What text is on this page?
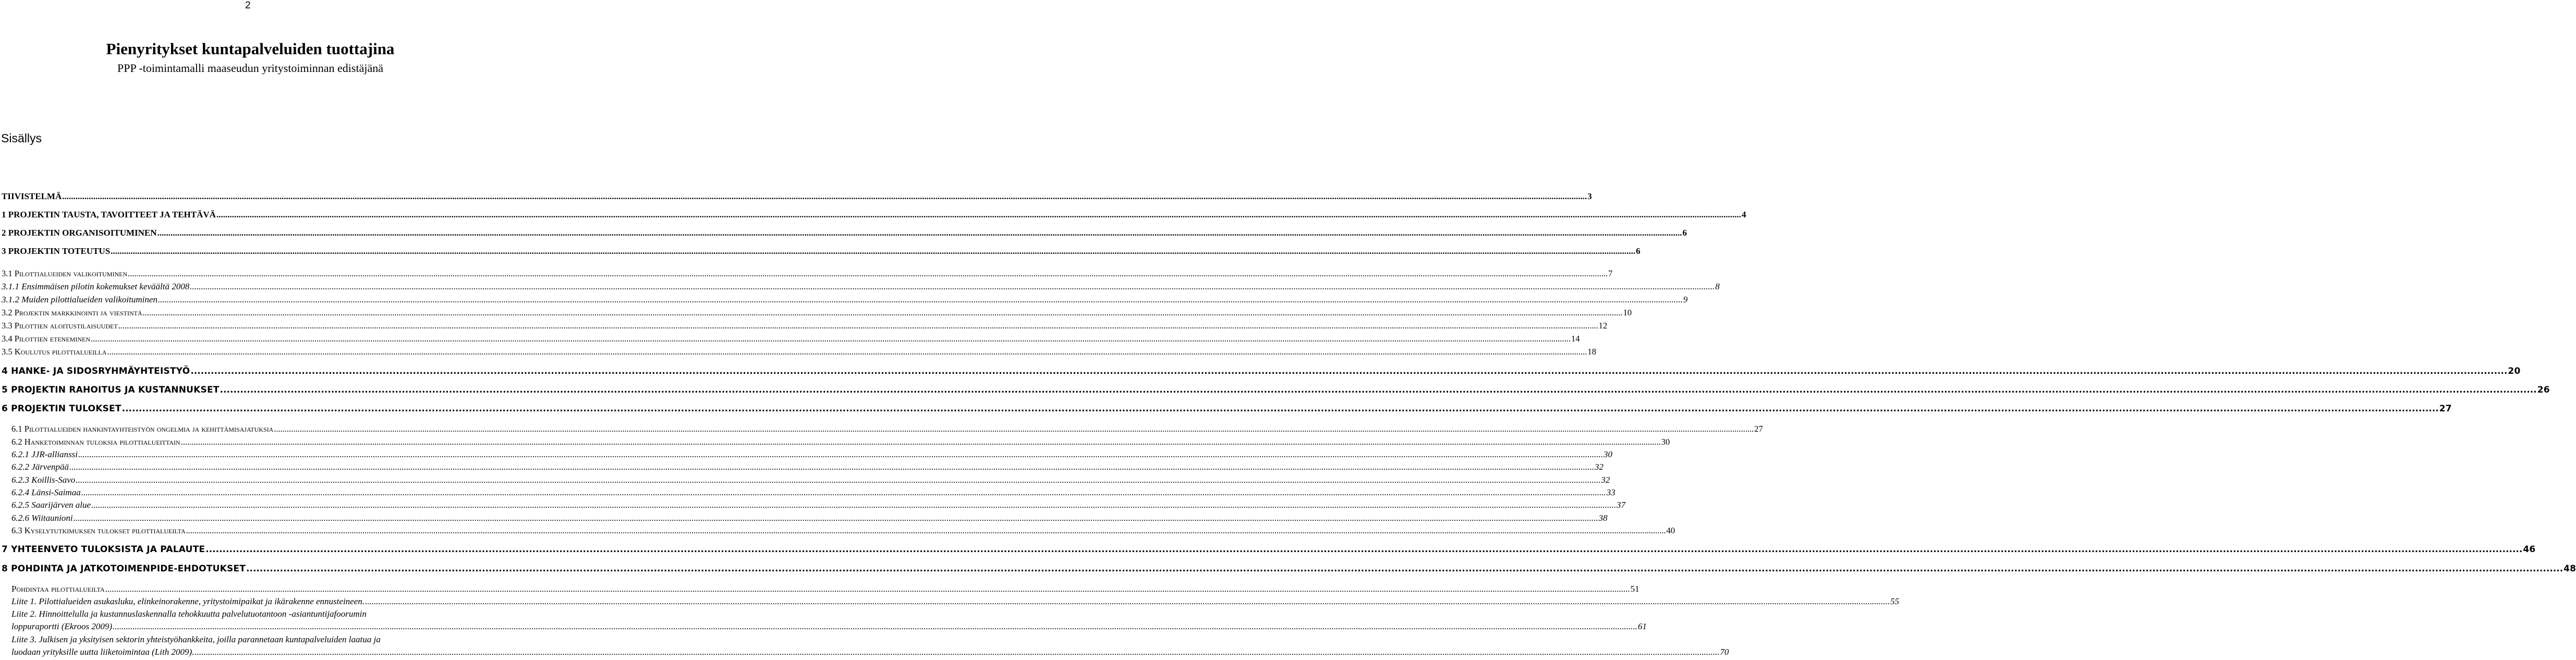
2
Pienyritykset kuntapalveluiden tuottajina
PPP -toimintamalli maaseudun yritystoiminnan edistäjänä
Sisällys
TIIVISTELMÄ .....	3
1 PROJEKTIN TAUSTA, TAVOITTEET JA TEHTÄVÄ .....	4
2 PROJEKTIN ORGANISOITUMINEN .....	6
3 PROJEKTIN TOTEUTUS .....	6
3.1 Pilottialueiden valikoituminen .....	7
3.1.1 Ensimmäisen pilotin kokemukset keväältä 2008 .....	8
3.1.2 Muiden pilottialueiden valikoituminen .....	9
3.2 Projektin markkinointi ja viestintä .....	10
3.3 Pilottien aloitustilaisuudet .....	12
3.4 Pilottien eteneminen .....	14
3.5 Koulutus pilottialueilla .....	18
4 HANKE- JA SIDOSRYHMÄYHTEISTYÖ .....	20
5 PROJEKTIN RAHOITUS JA KUSTANNUKSET .....	26
6 PROJEKTIN TULOKSET .....	27
6.1 Pilottialueiden hankintayhteistyön ongelmia ja kehittämisajatuksia .....	27
6.2 Hanketoiminnan tuloksia pilottialueittain .....	30
6.2.1 JJR-allianssi .....	30
6.2.2 Järvenpää .....	32
6.2.3 Koillis-Savo .....	32
6.2.4 Länsi-Saimaa .....	33
6.2.5 Saarijärven alue .....	37
6.2.6 Wiitaunioni .....	38
6.3 Kyselytutkimuksen tulokset pilottialueilta .....	40
7 YHTEENVETO TULOKSISTA JA PALAUTE .....	46
8 POHDINTA JA JATKOTOIMENPIDE-EHDOTUKSET .....	48
Pohdintaa pilottialueilta .....	51
Liite 1. Pilottialueiden asukasluku, elinkeinorakenne, yritystoimipaikat ja ikärakenne ennusteineen. .....	55
Liite 2. Hinnoittelulla ja kustannuslaskennalla tehokkuutta palvelutuotantoon -asiantuntijafoorumin
loppuraportti (Ekroos 2009) .....	61
Liite 3. Julkisen ja yksityisen sektorin yhteistyöhankkeita, joilla parannetaan kuntapalveluiden laatua ja
luodaan yrityksille uutta liiketoimintaa (Lith 2009). .....	70
